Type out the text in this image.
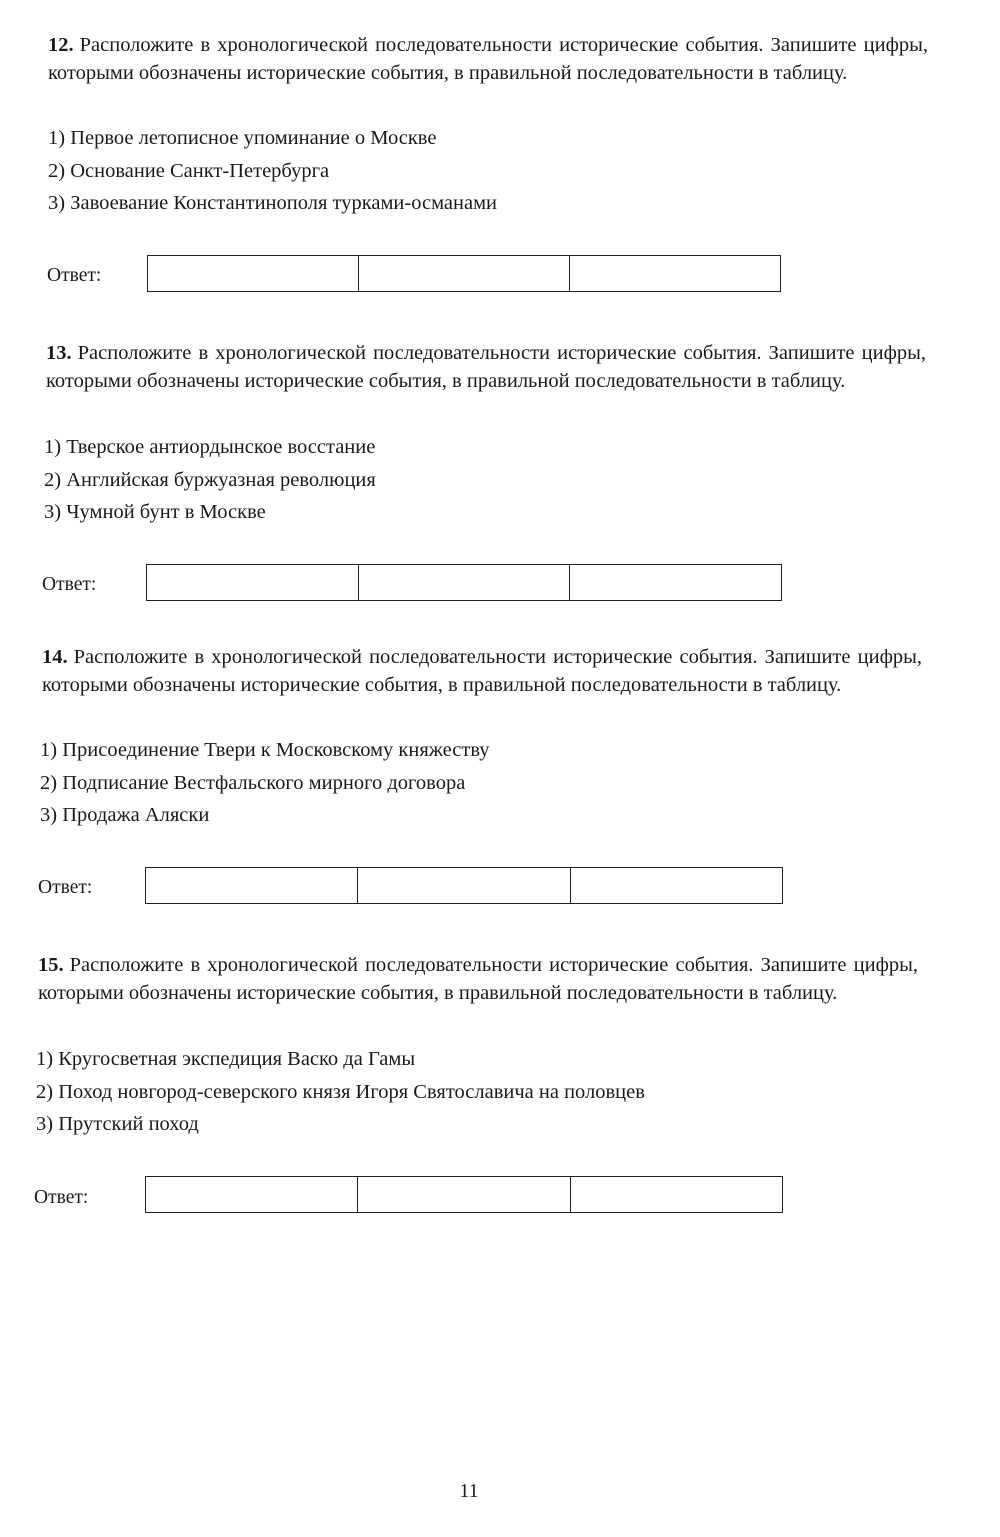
12. Расположите в хронологической последовательности исторические события. Запишите цифры, которыми обозначены исторические события, в правильной последовательности в таблицу.

1) Первое летописное упоминание о Москве
2) Основание Санкт-Петербурга
3) Завоевание Константинополя турками-османами
Ответ:

13. Расположите в хронологической последовательности исторические события. Запишите цифры, которыми обозначены исторические события, в правильной последовательности в таблицу.

1) Тверское антиордынское восстание
2) Английская буржуазная революция
3) Чумной бунт в Москве
Ответ:

14. Расположите в хронологической последовательности исторические события. Запишите цифры, которыми обозначены исторические события, в правильной последовательности в таблицу.

1) Присоединение Твери к Московскому княжеству
2) Подписание Вестфальского мирного договора
3) Продажа Аляски
Ответ:

15. Расположите в хронологической последовательности исторические события. Запишите цифры, которыми обозначены исторические события, в правильной последовательности в таблицу.

1) Кругосветная экспедиция Васко да Гамы
2) Поход новгород-северского князя Игоря Святославича на половцев
3) Прутский поход
Ответ:
11
